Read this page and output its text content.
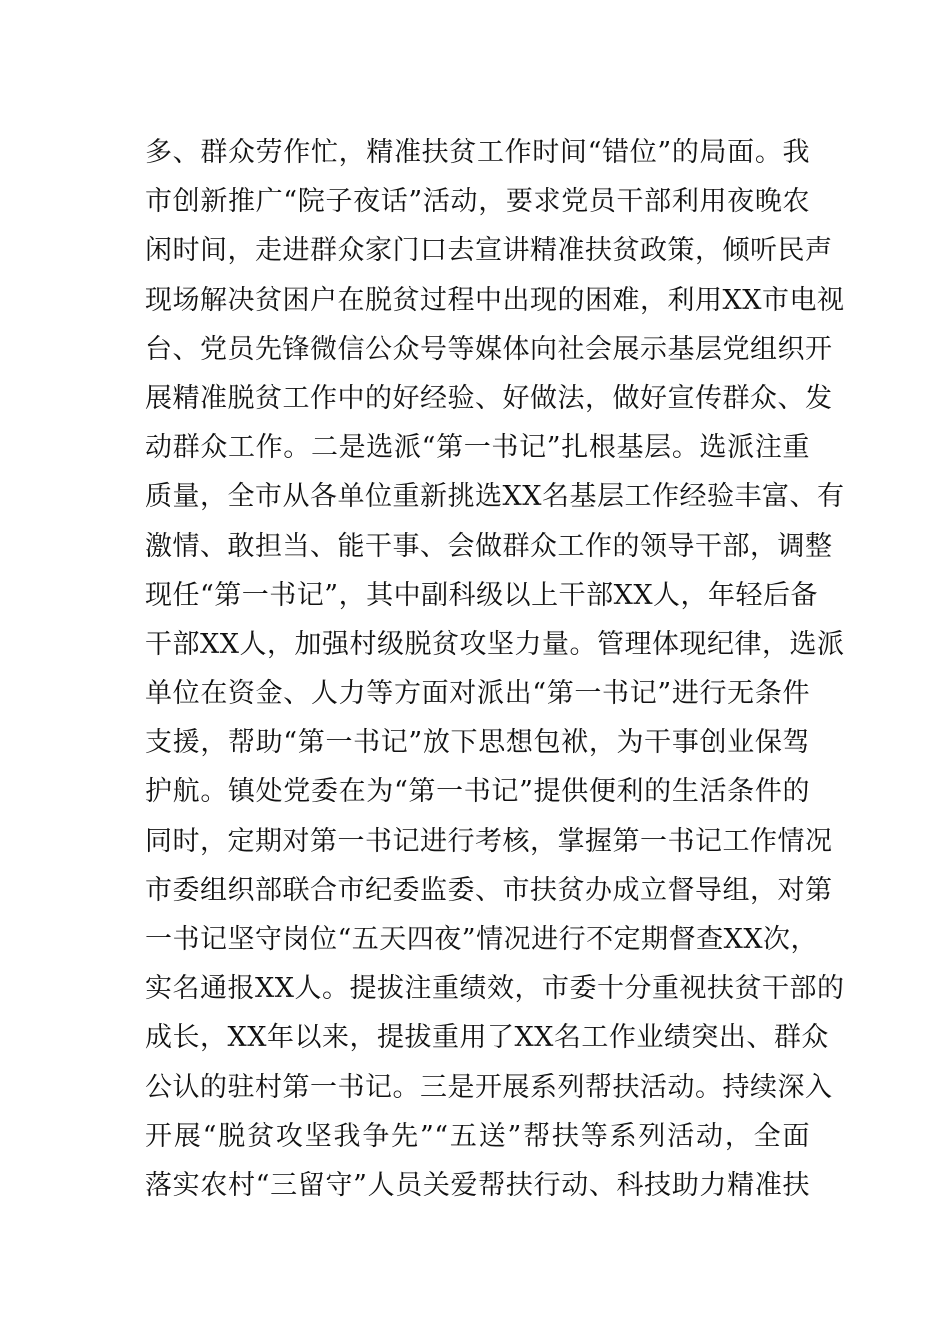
多、群众劳作忙，精准扶贫工作时间“错位”的局面。我
市创新推广“院子夜话”活动，要求党员干部利用夜晚农
闲时间，走进群众家门口去宣讲精准扶贫政策，倾听民声
现场解决贫困户在脱贫过程中出现的困难，利用XX市电视
台、党员先锋微信公众号等媒体向社会展示基层党组织开
展精准脱贫工作中的好经验、好做法，做好宣传群众、发
动群众工作。二是选派“第一书记”扎根基层。选派注重
质量，全市从各单位重新挑选XX名基层工作经验丰富、有
激情、敢担当、能干事、会做群众工作的领导干部，调整
现任“第一书记”，其中副科级以上干部XX人，年轻后备
干部XX人，加强村级脱贫攻坚力量。管理体现纪律，选派
单位在资金、人力等方面对派出“第一书记”进行无条件
支援，帮助“第一书记”放下思想包袱，为干事创业保驾
护航。镇处党委在为“第一书记”提供便利的生活条件的
同时，定期对第一书记进行考核，掌握第一书记工作情况
市委组织部联合市纪委监委、市扶贫办成立督导组，对第
一书记坚守岗位“五天四夜”情况进行不定期督查XX次，
实名通报XX人。提拔注重绩效，市委十分重视扶贫干部的
成长，XX年以来，提拔重用了XX名工作业绩突出、群众
公认的驻村第一书记。三是开展系列帮扶活动。持续深入
开展“脱贫攻坚我争先”“五送”帮扶等系列活动，全面
落实农村“三留守”人员关爱帮扶行动、科技助力精准扶
